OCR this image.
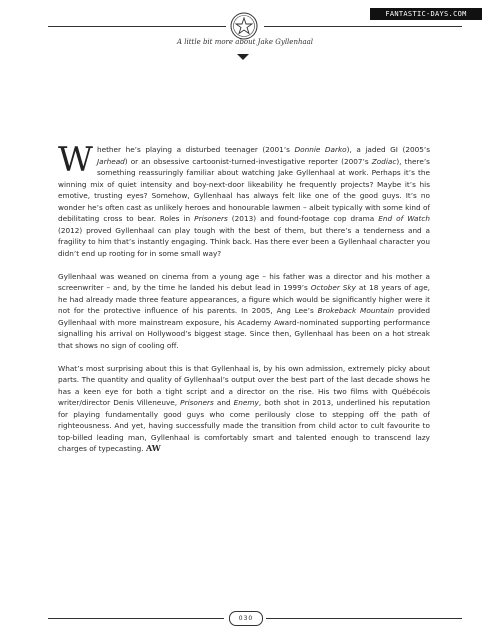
FANTASTIC-DAYS.COM
A little bit more about Jake Gyllenhaal

Whether he’s playing a disturbed teenager (2001’s Donnie Darko), a jaded GI (2005’s Jarhead) or an obsessive cartoonist-turned-investigative reporter (2007’s Zodiac), there’s something reassuringly familiar about watching Jake Gyllenhaal at work. Perhaps it’s the winning mix of quiet intensity and boy-next-door likeability he frequently projects? Maybe it’s his emotive, trusting eyes? Somehow, Gyllenhaal has always felt like one of the good guys. It’s no wonder he’s often cast as unlikely heroes and honourable lawmen – albeit typically with some kind of debilitating cross to bear. Roles in Prisoners (2013) and found-footage cop drama End of Watch (2012) proved Gyllenhaal can play tough with the best of them, but there’s a tenderness and a fragility to him that’s instantly engaging. Think back. Has there ever been a Gyllenhaal character you didn’t end up rooting for in some small way?

Gyllenhaal was weaned on cinema from a young age – his father was a director and his mother a screenwriter – and, by the time he landed his debut lead in 1999’s October Sky at 18 years of age, he had already made three feature appearances, a figure which would be significantly higher were it not for the protective influence of his parents. In 2005, Ang Lee’s Brokeback Mountain provided Gyllenhaal with more mainstream exposure, his Academy Award-nominated supporting performance signalling his arrival on Hollywood’s biggest stage. Since then, Gyllenhaal has been on a hot streak that shows no sign of cooling off.

What’s most surprising about this is that Gyllenhaal is, by his own admission, extremely picky about parts. The quantity and quality of Gyllenhaal’s output over the best part of the last decade shows he has a keen eye for both a tight script and a director on the rise. His two films with Québécois writer/director Denis Villeneuve, Prisoners and Enemy, both shot in 2013, underlined his reputation for playing fundamentally good guys who come perilously close to stepping off the path of righteousness. And yet, having successfully made the transition from child actor to cult favourite to top-billed leading man, Gyllenhaal is comfortably smart and talented enough to transcend lazy charges of typecasting. AW

030
